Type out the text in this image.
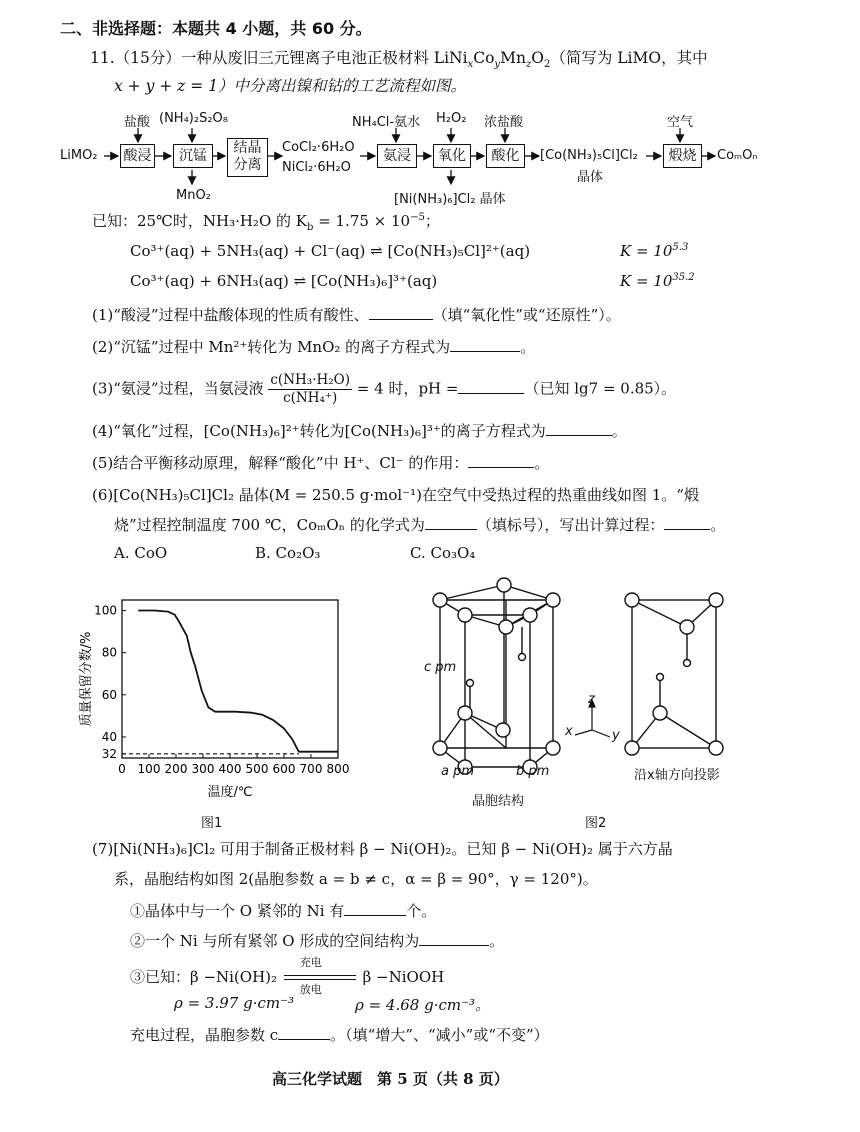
二、非选择题：本题共 4 小题，共 60 分。
11.（15分）一种从废旧三元锂离子电池正极材料 $LiNi_xCo_yMn_zO_2$（简写为 LiMO，其中
x + y + z = 1）中分离出镍和钴的工艺流程如图。
LiMO₂
盐酸
酸浸
(NH₄)₂S₂O₈
沉锰
MnO₂
结晶
分离
CoCl₂·6H₂O
NiCl₂·6H₂O
NH₄Cl-氨水
氨浸
H₂O₂
氧化
[Ni(NH₃)₆]Cl₂ 晶体
浓盐酸
酸化	[Co(NH₃)₅Cl]Cl₂
晶体
空气
煅烧	CoₘOₙ
已知：25℃时，NH₃·H₂O 的 $K_b = 1.75 \times 10^{-5}$；
Co³⁺(aq) + 5NH₃(aq) + Cl⁻(aq) ⇌ [Co(NH₃)₅Cl]²⁺(aq)	$K = 10^{5.3}$
Co³⁺(aq) + 6NH₃(aq) ⇌ [Co(NH₃)₆]³⁺(aq)	$K = 10^{35.2}$
(1)“酸浸”过程中盐酸体现的性质有酸性、	（填“氧化性”或“还原性”）。
(2)“沉锰”过程中 Mn²⁺转化为 MnO₂ 的离子方程式为	。
(3)“氨浸”过程，当氨浸液 $\frac{\text{c(NH₃·H₂O)}}{\text{c(NH₄⁺)}} = 4$ 时，pH =	（已知 lg7 = 0.85）。
(4)“氧化”过程，[Co(NH₃)₆]²⁺转化为[Co(NH₃)₆]³⁺的离子方程式为	。
(5)结合平衡移动原理，解释“酸化”中 H⁺、Cl⁻ 的作用：	。
(6)[Co(NH₃)₅Cl]Cl₂ 晶体(M = 250.5 g·mol⁻¹)在空气中受热过程的热重曲线如图 1。“煅
烧”过程控制温度 700 ℃，CoₘOₙ 的化学式为	（填标号），写出计算过程：	。
A. CoO	B. Co₂O₃	C. Co₃O₄
0 100 200 300 400 500 600 700 800
32
40
60
80
100
温度/℃
质量保留分数/%
图1
c pm
a pm	b pm
z
x	y
晶胞结构
沿x轴方向投影
图2
(7)[Ni(NH₃)₆]Cl₂ 可用于制备正极材料 β − Ni(OH)₂。已知 β − Ni(OH)₂ 属于六方晶
系，晶胞结构如图 2(晶胞参数 a = b ≠ c，α = β = 90°，γ = 120°)。
①晶体中与一个 O 紧邻的 Ni 有	个。
②一个 Ni 与所有紧邻 O 形成的空间结构为	。
③已知：β −Ni(OH)₂
充电
放电
β −NiOOH
ρ = 3.97 g·cm⁻³	ρ = 4.68 g·cm⁻³。
充电过程，晶胞参数 c	。（填“增大”、“减小”或“不变”）
高三化学试题　第 5 页（共 8 页）
